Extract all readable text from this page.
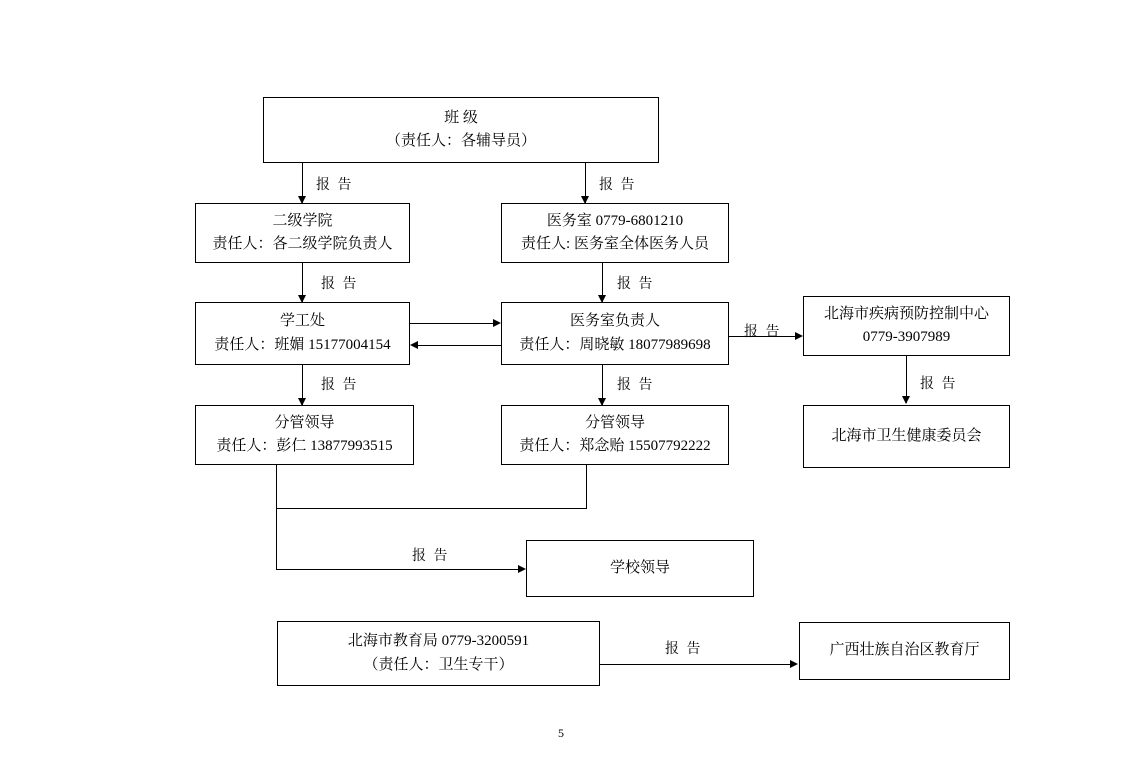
班 级
（责任人：各辅导员）
报 告	报 告
二级学院
责任人：各二级学院负责人
医务室 0779-6801210
责任人: 医务室全体医务人员
报 告	报 告
学工处
责任人：班媚 15177004154
医务室负责人
责任人：周晓敏 18077989698
报 告
北海市疾病预防控制中心
0779-3907989
报 告
报 告	报 告
分管领导
责任人：彭仁 13877993515
分管领导
责任人：郑念贻 15507792222
北海市卫生健康委员会
报 告
学校领导
北海市教育局 0779-3200591
（责任人：卫生专干）
报 告	广西壮族自治区教育厅
5
